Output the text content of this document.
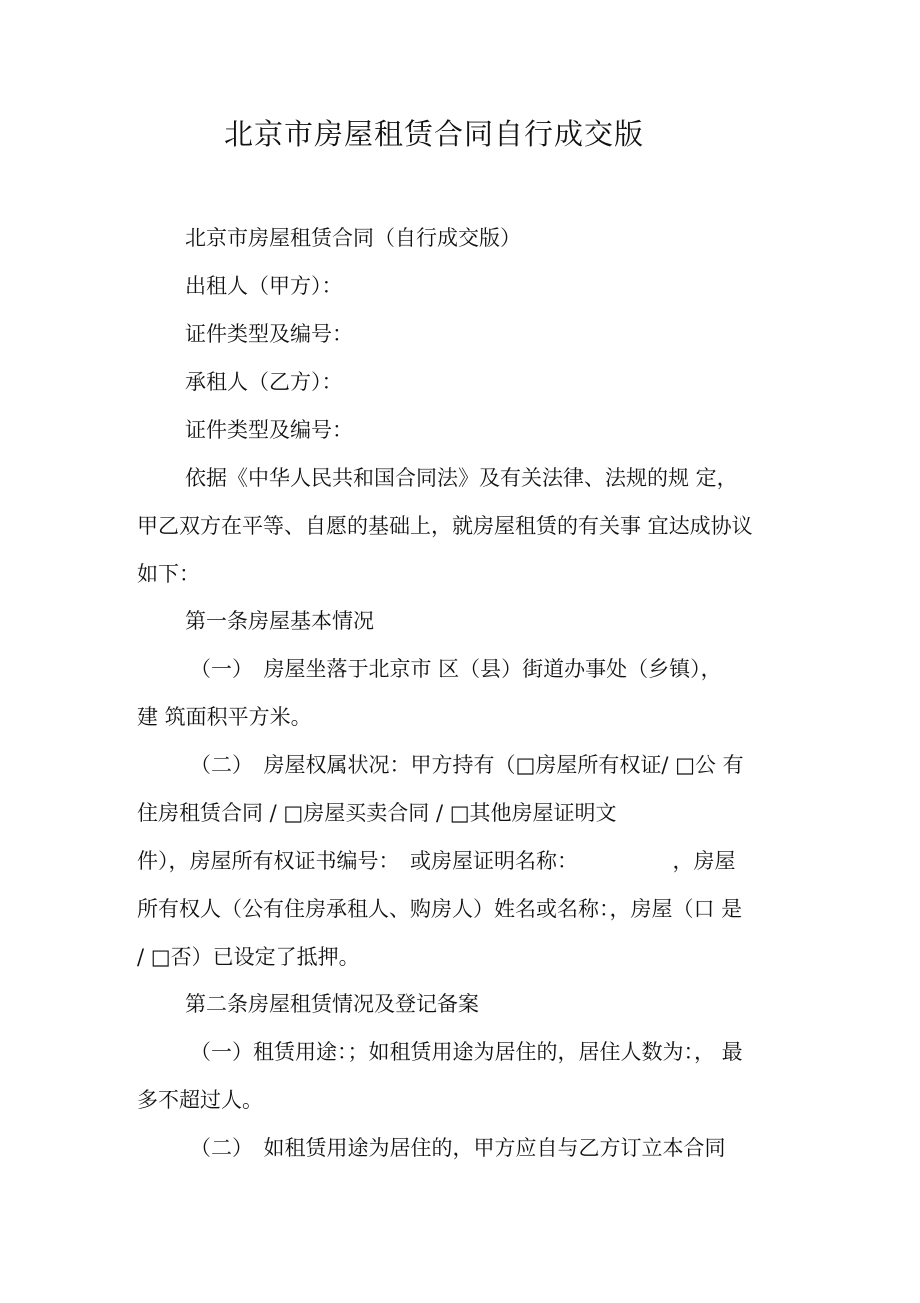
北京市房屋租赁合同自行成交版

北京市房屋租赁合同（自行成交版）

出租人（甲方）：

证件类型及编号：

承租人（乙方）：

证件类型及编号：

依据《中华人民共和国合同法》及有关法律、法规的规 定，

甲乙双方在平等、自愿的基础上，就房屋租赁的有关事 宜达成协议

如下：

第一条房屋基本情况

（一）　房屋坐落于北京市 区（县）街道办事处（乡镇），

建 筑面积平方米。

（二）　房屋权属状况：甲方持有（□房屋所有权证/ □公 有

住房租赁合同 / □房屋买卖合同 / □其他房屋证明文

件），房屋所有权证书编号：　或房屋证明名称：　　　　　，房屋

所有权人（公有住房承租人、购房人）姓名或名称：，房屋（口 是

/ □否）已设定了抵押。

第二条房屋租赁情况及登记备案

（一）租赁用途：；如租赁用途为居住的，居住人数为：， 最

多不超过人。

（二）　如租赁用途为居住的，甲方应自与乙方订立本合同
